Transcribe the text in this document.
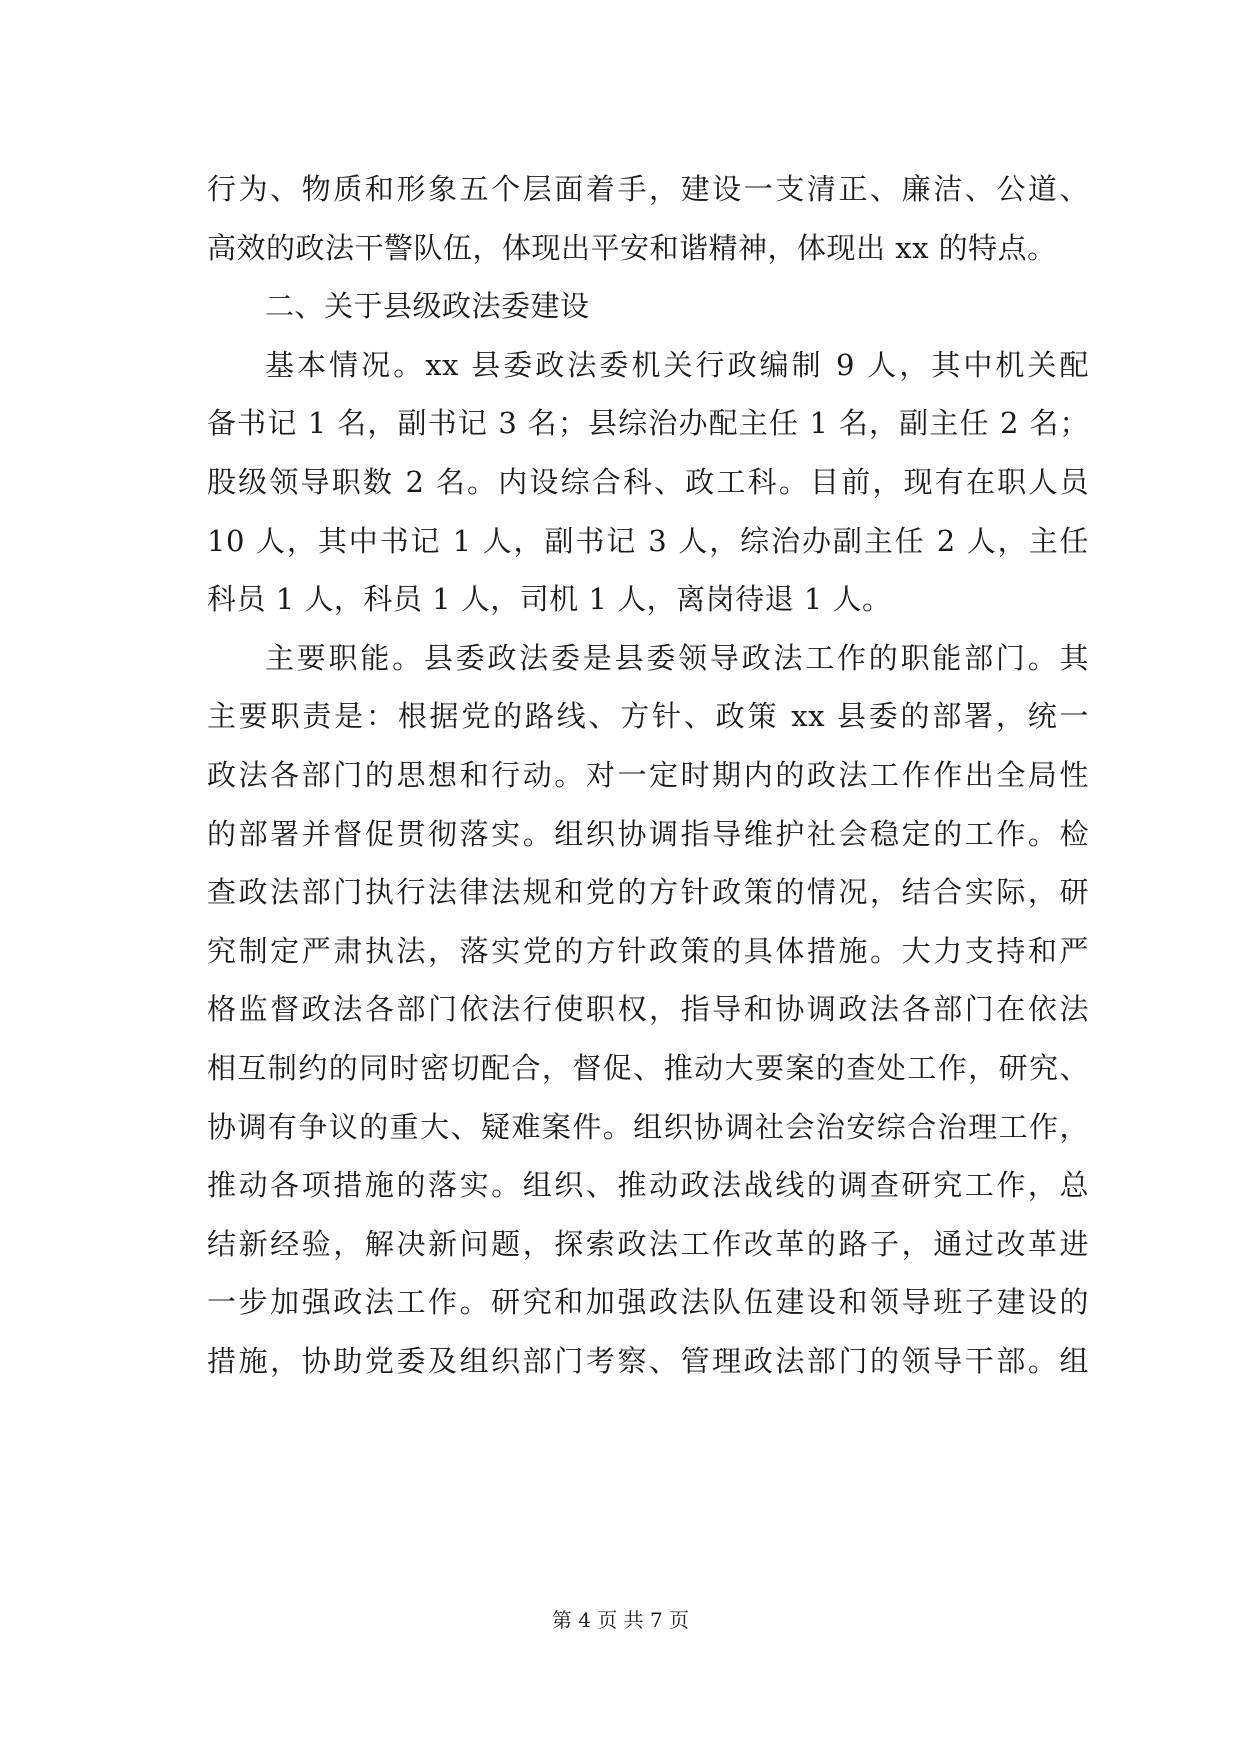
行为、物质和形象五个层面着手，建设一支清正、廉洁、公道、
高效的政法干警队伍，体现出平安和谐精神，体现出 xx 的特点。
二、关于县级政法委建设
基本情况。xx 县委政法委机关行政编制 9 人，其中机关配
备书记 1 名，副书记 3 名；县综治办配主任 1 名，副主任 2 名；
股级领导职数 2 名。内设综合科、政工科。目前，现有在职人员
10 人，其中书记 1 人，副书记 3 人，综治办副主任 2 人，主任
科员 1 人，科员 1 人，司机 1 人，离岗待退 1 人。
主要职能。县委政法委是县委领导政法工作的职能部门。其
主要职责是：根据党的路线、方针、政策 xx 县委的部署，统一
政法各部门的思想和行动。对一定时期内的政法工作作出全局性
的部署并督促贯彻落实。组织协调指导维护社会稳定的工作。检
查政法部门执行法律法规和党的方针政策的情况，结合实际，研
究制定严肃执法，落实党的方针政策的具体措施。大力支持和严
格监督政法各部门依法行使职权，指导和协调政法各部门在依法
相互制约的同时密切配合，督促、推动大要案的查处工作，研究、
协调有争议的重大、疑难案件。组织协调社会治安综合治理工作，
推动各项措施的落实。组织、推动政法战线的调查研究工作，总
结新经验，解决新问题，探索政法工作改革的路子，通过改革进
一步加强政法工作。研究和加强政法队伍建设和领导班子建设的
措施，协助党委及组织部门考察、管理政法部门的领导干部。组
第 4 页 共 7 页
